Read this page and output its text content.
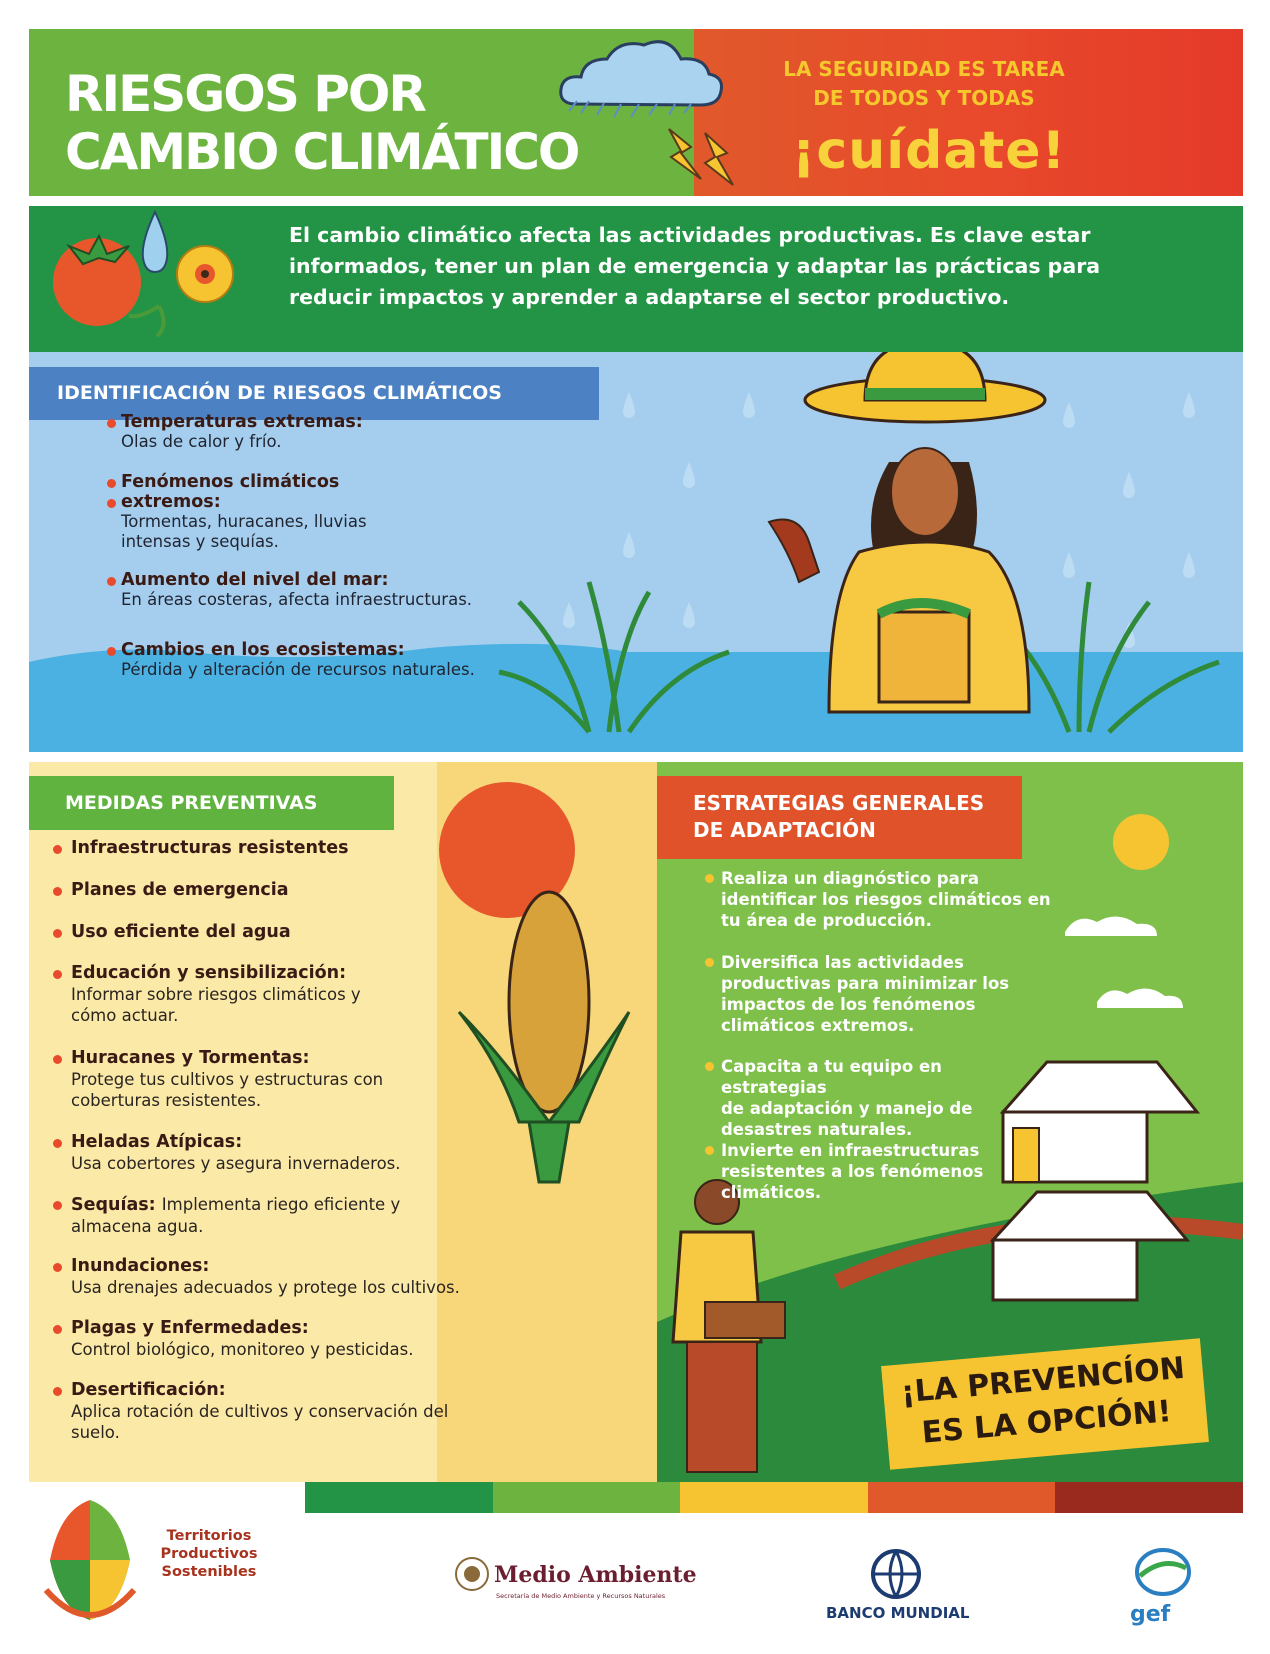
RIESGOS POR
CAMBIO CLIMÁTICO
LA SEGURIDAD ES TAREA
DE TODOS Y TODAS
¡cuídate!
El cambio climático afecta las actividades productivas. Es clave estar informados, tener un plan de emergencia y adaptar las prácticas para reducir impactos y aprender a adaptarse el sector productivo.
IDENTIFICACIÓN DE RIESGOS CLIMÁTICOS
Temperaturas extremas:
Olas de calor y frío.
Fenómenos climáticos
extremos:
Tormentas, huracanes, lluvias
intensas y sequías.
Aumento del nivel del mar:
En áreas costeras, afecta infraestructuras.
Cambios en los ecosistemas:
Pérdida y alteración de recursos naturales.
MEDIDAS PREVENTIVAS
Infraestructuras resistentes
Planes de emergencia
Uso eficiente del agua
Educación y sensibilización:
Informar sobre riesgos climáticos y
cómo actuar.
Huracanes y Tormentas:
Protege tus cultivos y estructuras con
coberturas resistentes.
Heladas Atípicas:
Usa cobertores y asegura invernaderos.
Sequías: Implementa riego eficiente y
almacena agua.
Inundaciones:
Usa drenajes adecuados y protege los cultivos.
Plagas y Enfermedades:
Control biológico, monitoreo y pesticidas.
Desertificación:
Aplica rotación de cultivos y conservación del
suelo.
ESTRATEGIAS GENERALES
DE ADAPTACIÓN
Realiza un diagnóstico para
identificar los riesgos climáticos en
tu área de producción.
Diversifica las actividades
productivas para minimizar los
impactos de los fenómenos
climáticos extremos.
Capacita a tu equipo en estrategias
de adaptación y manejo de
desastres naturales.
Invierte en infraestructuras
resistentes a los fenómenos
climáticos.
¡LA PREVENCÍON
ES LA OPCIÓN!
Territorios
Productivos
Sostenibles	Medio Ambiente
Secretaría de Medio Ambiente y Recursos Naturales
BANCO MUNDIAL	gef
